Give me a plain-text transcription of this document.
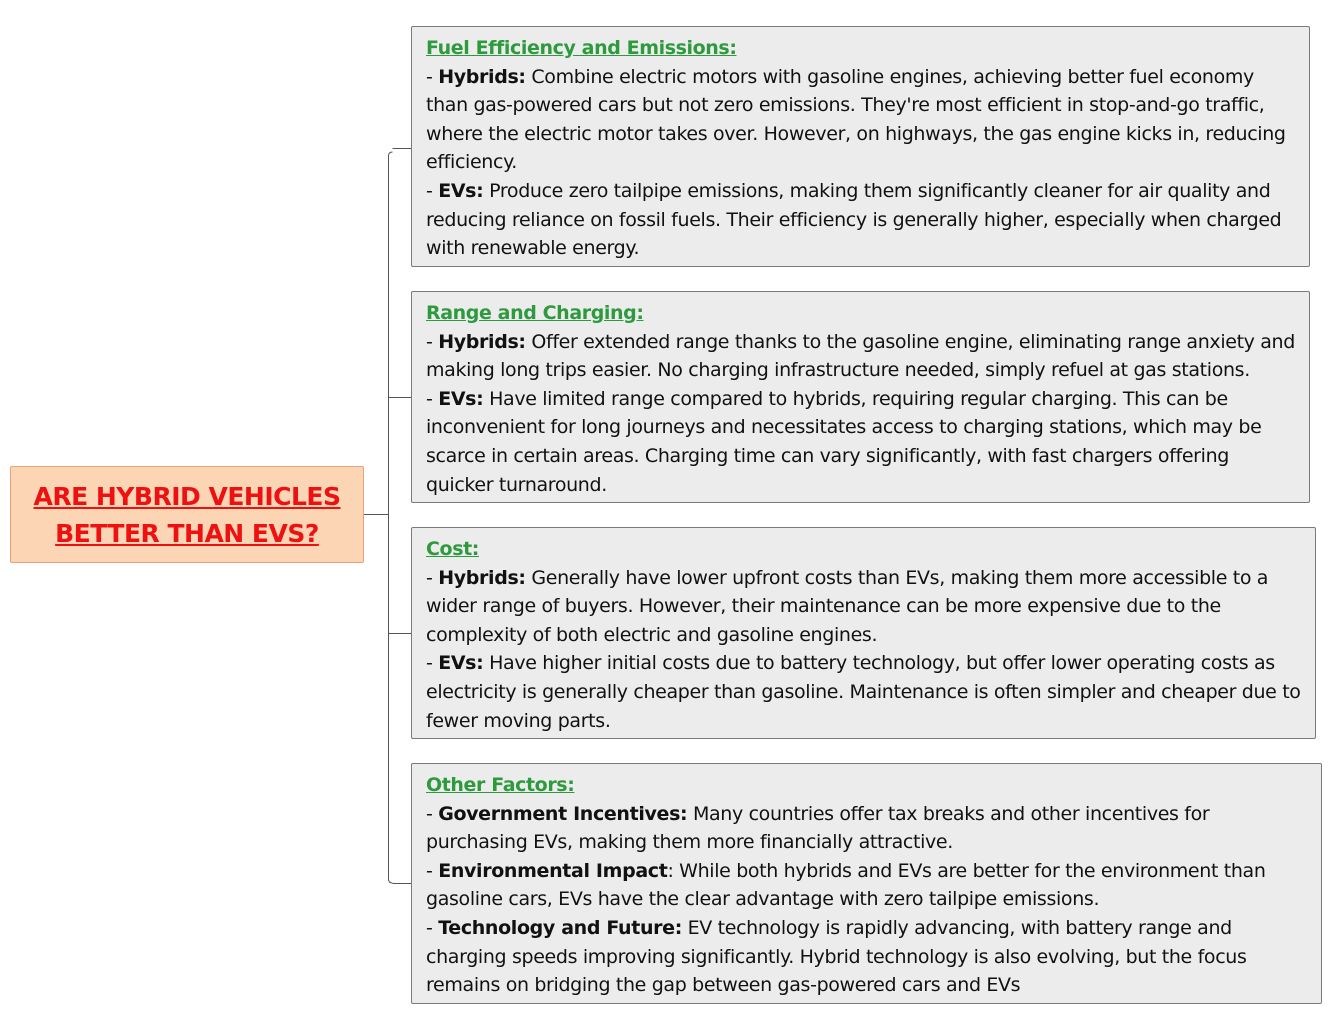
ARE HYBRID VEHICLES BETTER THAN EVS?
Fuel Efficiency and Emissions:
- Hybrids: Combine electric motors with gasoline engines, achieving better fuel economy than gas-powered cars but not zero emissions. They're most efficient in stop-and-go traffic, where the electric motor takes over. However, on highways, the gas engine kicks in, reducing efficiency.
- EVs: Produce zero tailpipe emissions, making them significantly cleaner for air quality and reducing reliance on fossil fuels. Their efficiency is generally higher, especially when charged with renewable energy.
Range and Charging:
- Hybrids: Offer extended range thanks to the gasoline engine, eliminating range anxiety and making long trips easier. No charging infrastructure needed, simply refuel at gas stations.
- EVs: Have limited range compared to hybrids, requiring regular charging. This can be inconvenient for long journeys and necessitates access to charging stations, which may be scarce in certain areas. Charging time can vary significantly, with fast chargers offering quicker turnaround.
Cost:
- Hybrids: Generally have lower upfront costs than EVs, making them more accessible to a wider range of buyers. However, their maintenance can be more expensive due to the complexity of both electric and gasoline engines.
- EVs: Have higher initial costs due to battery technology, but offer lower operating costs as electricity is generally cheaper than gasoline. Maintenance is often simpler and cheaper due to fewer moving parts.
Other Factors:
- Government Incentives: Many countries offer tax breaks and other incentives for purchasing EVs, making them more financially attractive.
- Environmental Impact: While both hybrids and EVs are better for the environment than gasoline cars, EVs have the clear advantage with zero tailpipe emissions.
- Technology and Future: EV technology is rapidly advancing, with battery range and charging speeds improving significantly. Hybrid technology is also evolving, but the focus remains on bridging the gap between gas-powered cars and EVs
